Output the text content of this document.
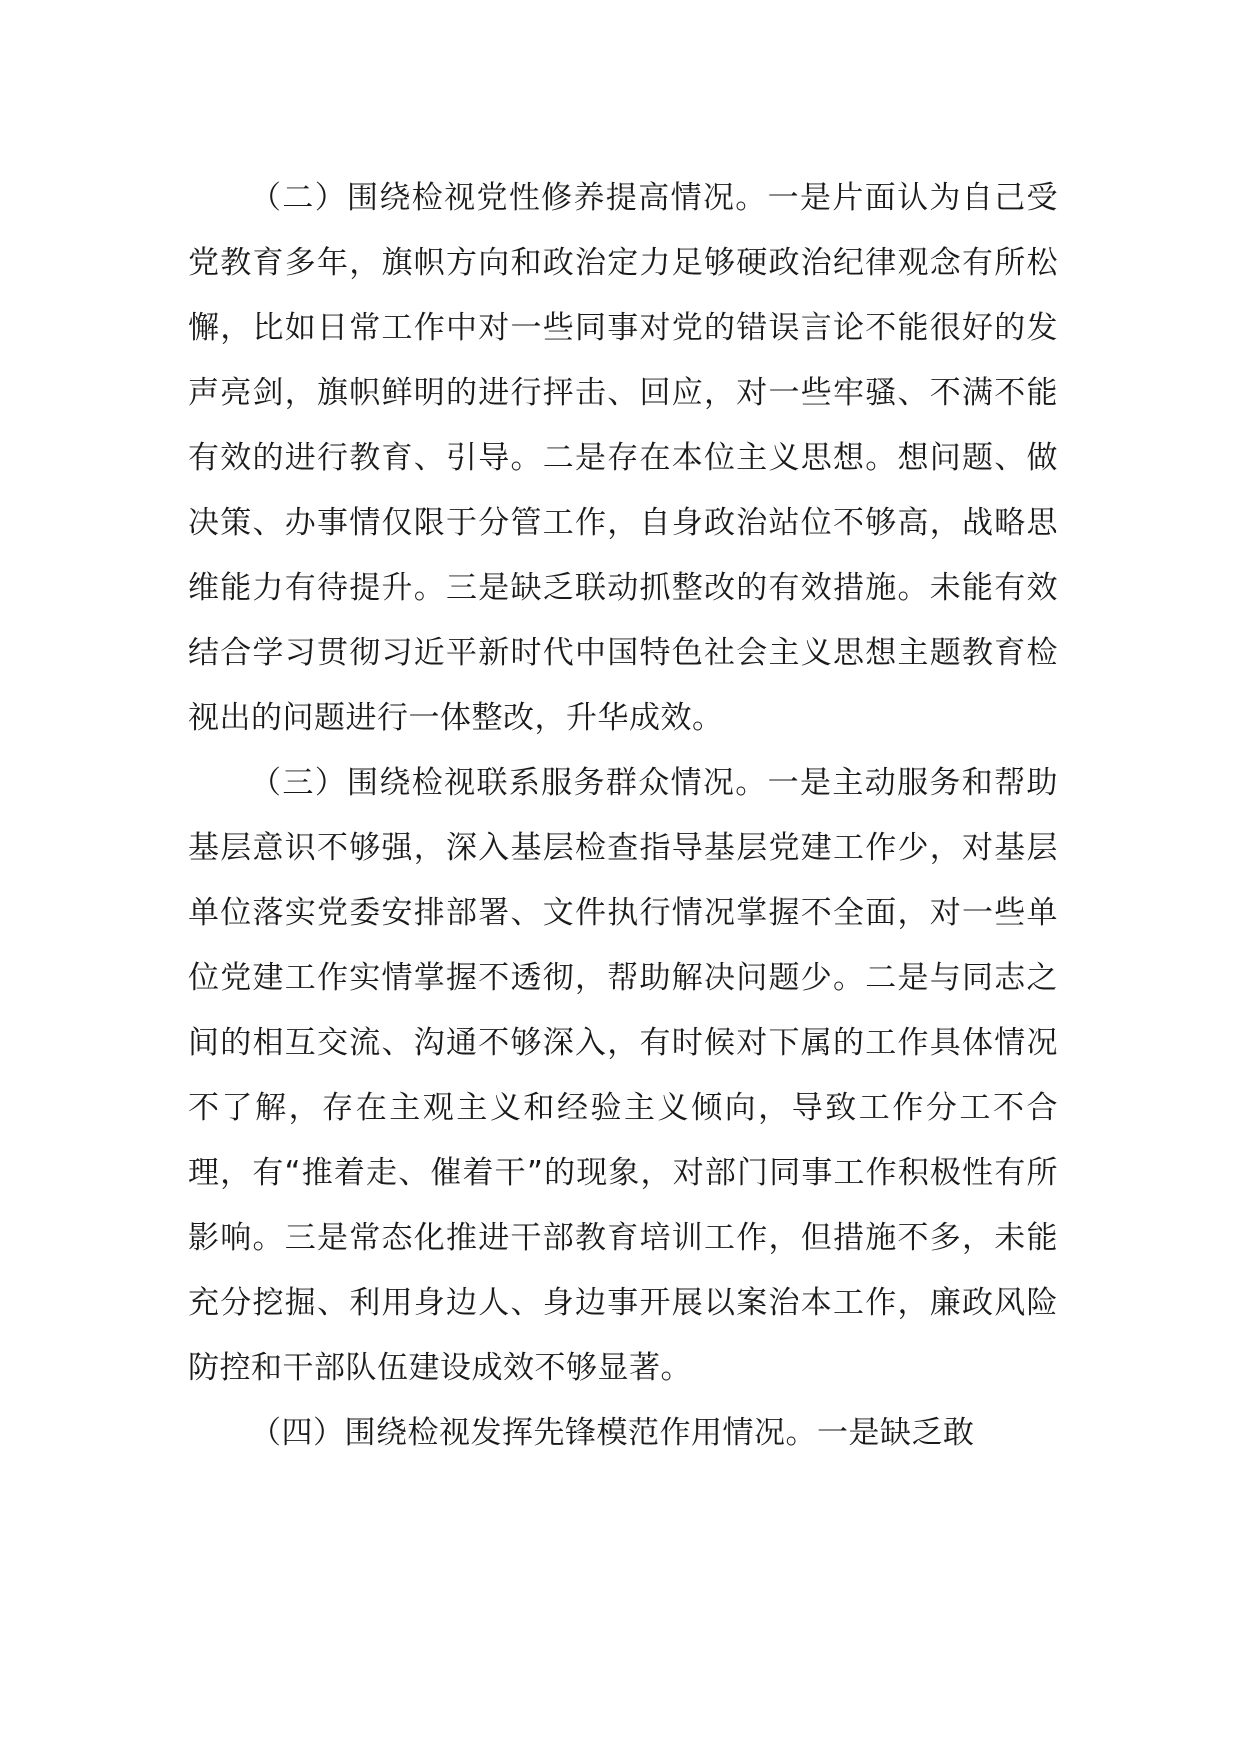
（二）围绕检视党性修养提高情况。一是片面认为自己受党教育多年，旗帜方向和政治定力足够硬政治纪律观念有所松懈，比如日常工作中对一些同事对党的错误言论不能很好的发声亮剑，旗帜鲜明的进行抨击、回应，对一些牢骚、不满不能有效的进行教育、引导。二是存在本位主义思想。想问题、做决策、办事情仅限于分管工作，自身政治站位不够高，战略思维能力有待提升。三是缺乏联动抓整改的有效措施。未能有效结合学习贯彻习近平新时代中国特色社会主义思想主题教育检视出的问题进行一体整改，升华成效。

（三）围绕检视联系服务群众情况。一是主动服务和帮助基层意识不够强，深入基层检查指导基层党建工作少，对基层单位落实党委安排部署、文件执行情况掌握不全面，对一些单位党建工作实情掌握不透彻，帮助解决问题少。二是与同志之间的相互交流、沟通不够深入，有时候对下属的工作具体情况不了解，存在主观主义和经验主义倾向，导致工作分工不合理，有“推着走、催着干”的现象，对部门同事工作积极性有所影响。三是常态化推进干部教育培训工作，但措施不多，未能充分挖掘、利用身边人、身边事开展以案治本工作，廉政风险防控和干部队伍建设成效不够显著。

（四）围绕检视发挥先锋模范作用情况。一是缺乏敢
